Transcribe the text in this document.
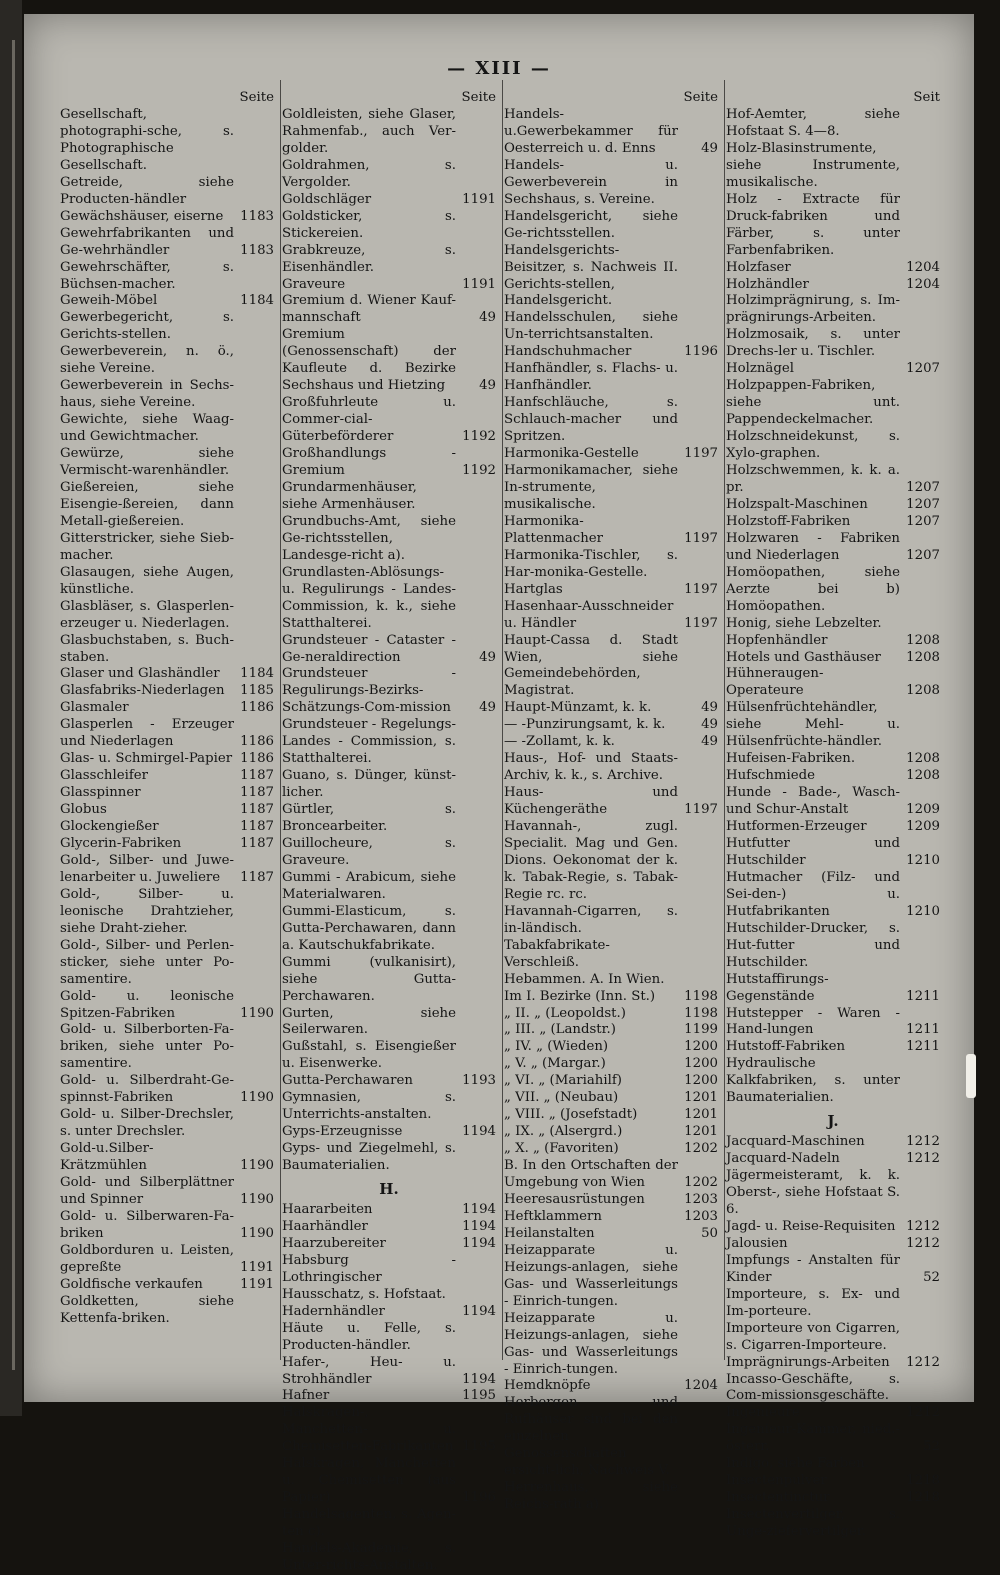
— XIII —
Seite
Gesellschaft, photographi-sche, s. Photographische Gesellschaft.
Getreide, siehe Producten-händler
Gewächshäuser, eiserne	1183
Gewehrfabrikanten und Ge-wehrhändler	1183
Gewehrschäfter, s. Büchsen-macher.
Geweih-Möbel	1184
Gewerbegericht, s. Gerichts-stellen.
Gewerbeverein, n. ö., siehe Vereine.
Gewerbeverein in Sechs-haus, siehe Vereine.
Gewichte, siehe Waag- und Gewichtmacher.
Gewürze, siehe Vermischt-warenhändler.
Gießereien, siehe Eisengie-ßereien, dann Metall-gießereien.
Gitterstricker, siehe Sieb-macher.
Glasaugen, siehe Augen, künstliche.
Glasbläser, s. Glasperlen-erzeuger u. Niederlagen.
Glasbuchstaben, s. Buch-staben.
Glaser und Glashändler	1184
Glasfabriks-Niederlagen	1185
Glasmaler	1186
Glasperlen - Erzeuger und Niederlagen	1186
Glas- u. Schmirgel-Papier 1186
Glasschleifer	1187
Glasspinner	1187
Globus	1187
Glockengießer	1187
Glycerin-Fabriken	1187
Gold-, Silber- und Juwe-lenarbeiter u. Juweliere	1187
Gold-, Silber- u. leonische Drahtzieher, siehe Draht-zieher.
Gold-, Silber- und Perlen-sticker, siehe unter Po-samentire.
Gold- u. leonische Spitzen-Fabriken	1190
Gold- u. Silberborten-Fa-briken, siehe unter Po-samentire.
Gold- u. Silberdraht-Ge-spinnst-Fabriken	1190
Gold- u. Silber-Drechsler, s. unter Drechsler.
Gold-u.Silber-Krätzmühlen	1190
Gold- und Silberplättner und Spinner	1190
Gold- u. Silberwaren-Fa-briken	1190
Goldborduren u. Leisten, gepreßte	1191
Goldfische verkaufen	1191
Goldketten, siehe Kettenfa-briken.
Seite
Goldleisten, siehe Glaser, Rahmenfab., auch Ver-golder.
Goldrahmen, s. Vergolder.
Goldschläger	1191
Goldsticker, s. Stickereien.
Grabkreuze, s. Eisenhändler.
Graveure	1191
Gremium d. Wiener Kauf-mannschaft	49
Gremium (Genossenschaft) der Kaufleute d. Bezirke Sechshaus und Hietzing	49
Großfuhrleute u. Commer-cial-Güterbeförderer	1192
Großhandlungs - Gremium	1192
Grundarmenhäuser, siehe Armenhäuser.
Grundbuchs-Amt, siehe Ge-richtsstellen, Landesge-richt a).
Grundlasten-Ablösungs- u. Regulirungs - Landes-Commission, k. k., siehe Statthalterei.
Grundsteuer - Cataster - Ge-neraldirection	49
Grundsteuer - Regulirungs-Bezirks-Schätzungs-Com-mission	49
Grundsteuer - Regelungs-Landes - Commission, s. Statthalterei.
Guano, s. Dünger, künst-licher.
Gürtler, s. Broncearbeiter.
Guillocheure, s. Graveure.
Gummi - Arabicum, siehe Materialwaren.
Gummi-Elasticum, s. Gutta-Perchawaren, dann a. Kautschukfabrikate.
Gummi (vulkanisirt), siehe Gutta-Perchawaren.
Gurten, siehe Seilerwaren.
Gußstahl, s. Eisengießer u. Eisenwerke.
Gutta-Perchawaren	1193
Gymnasien, s. Unterrichts-anstalten.
Gyps-Erzeugnisse	1194
Gyps- und Ziegelmehl, s. Baumaterialien.
H.
Haararbeiten	1194
Haarhändler	1194
Haarzubereiter	1194
Habsburg - Lothringischer Hausschatz, s. Hofstaat.
Hadernhändler	1194
Häute u. Felle, s. Producten-händler.
Hafer-, Heu- u. Strohhändler	1194
Hafner	1195
Halskragen-, Manchetten- u. Chemisetten-Fabrikanten 1195
Halskragen, Manchetten u. Chemisetten (aus Papier)	1196
Handelsagenten, s. Agen-ten c).
Handels-Akademie, s. Unter-richts-Anstalten.
Seite
Handels-u.Gewerbekammer für Oesterreich u. d. Enns	49
Handels- u. Gewerbeverein in Sechshaus, s. Vereine.
Handelsgericht, siehe Ge-richtsstellen.
Handelsgerichts-Beisitzer, s. Nachweis II. Gerichts-stellen, Handelsgericht.
Handelsschulen, siehe Un-terrichtsanstalten.
Handschuhmacher	1196
Hanfhändler, s. Flachs- u. Hanfhändler.
Hanfschläuche, s. Schlauch-macher und Spritzen.
Harmonika-Gestelle	1197
Harmonikamacher, siehe In-strumente, musikalische.
Harmonika-Plattenmacher	1197
Harmonika-Tischler, s. Har-monika-Gestelle.
Hartglas	1197
Hasenhaar-Ausschneider u. Händler	1197
Haupt-Cassa d. Stadt Wien, siehe Gemeindebehörden, Magistrat.
Haupt-Münzamt, k. k.	49
— -Punzirungsamt, k. k.	49
— -Zollamt, k. k.	49
Haus-, Hof- und Staats-Archiv, k. k., s. Archive.
Haus- und Küchengeräthe	1197
Havannah-, zugl. Specialit. Mag und Gen. Dions. Oekonomat der k. k. Tabak-Regie, s. Tabak-Regie rc. rc.
Havannah-Cigarren, s. in-ländisch. Tabakfabrikate-Verschleiß.
Hebammen. A. In Wien.
Im I. Bezirke (Inn. St.)	1198
„ II. „ (Leopoldst.)	1198
„ III. „ (Landstr.)	1199
„ IV. „ (Wieden)	1200
„ V. „ (Margar.)	1200
„ VI. „ (Mariahilf)	1200
„ VII. „ (Neubau)	1201
„ VIII. „ (Josefstadt)	1201
„ IX. „ (Alsergrd.)	1201
„ X. „ (Favoriten)	1202
B. In den Ortschaften der Umgebung von Wien	1202
Heeresausrüstungen	1203
Heftklammern	1203
Heilanstalten	50
Heizapparate u. Heizungs-anlagen, siehe Gas- und Wasserleitungs - Einrich-tungen.
Heizapparate u. Heizungs-anlagen, siehe Gas- und Wasserleitungs - Einrich-tungen.
Hemdknöpfe	1204
Herbergen und Rufhäuser sind bei den einzelnen Genossenschaften ersicht-lich, Nachweis V.
Herrenhaus, siehe Reichs-rath a).
Seit
Hof-Aemter, siehe Hofstaat S. 4—8.
Holz-Blasinstrumente, siehe Instrumente, musikalische.
Holz - Extracte für Druck-fabriken und Färber, s. unter Farbenfabriken.
Holzfaser	1204
Holzhändler	1204
Holzimprägnirung, s. Im-prägnirungs-Arbeiten.
Holzmosaik, s. unter Drechs-ler u. Tischler.
Holznägel	1207
Holzpappen-Fabriken, siehe unt. Pappendeckelmacher.
Holzschneidekunst, s. Xylo-graphen.
Holzschwemmen, k. k. a. pr.	1207
Holzspalt-Maschinen	1207
Holzstoff-Fabriken	1207
Holzwaren - Fabriken und Niederlagen	1207
Homöopathen, siehe Aerzte bei b) Homöopathen.
Honig, siehe Lebzelter.
Hopfenhändler	1208
Hotels und Gasthäuser	1208
Hühneraugen-Operateure	1208
Hülsenfrüchtehändler, siehe Mehl- u. Hülsenfrüchte-händler.
Hufeisen-Fabriken.	1208
Hufschmiede	1208
Hunde - Bade-, Wasch- und Schur-Anstalt	1209
Hutformen-Erzeuger	1209
Hutfutter und Hutschilder	1210
Hutmacher (Filz- und Sei-den-) u. Hutfabrikanten	1210
Hutschilder-Drucker, s. Hut-futter und Hutschilder.
Hutstaffirungs-Gegenstände	1211
Hutstepper - Waren - Hand-lungen	1211
Hutstoff-Fabriken	1211
Hydraulische Kalkfabriken, s. unter Baumaterialien.
J.
Jacquard-Maschinen	1212
Jacquard-Nadeln	1212
Jägermeisteramt, k. k. Oberst-, siehe Hofstaat S. 6.
Jagd- u. Reise-Requisiten 1212
Jalousien	1212
Impfungs - Anstalten für Kinder	52
Importeure, s. Ex- und Im-porteure.
Importeure von Cigarren, s. Cigarren-Importeure.
Imprägnirungs-Arbeiten	1212
Incasso-Geschäfte, s. Com-missionsgeschäfte.
Ingenieure	1212
Ingenieur-Kammer, nied.-österr.	52
Indigo, siehe Farben.
Insectenpulver	1218
Insectentinctur	1218
Insectenvertilger, s. Unge-ziefervertilger.
